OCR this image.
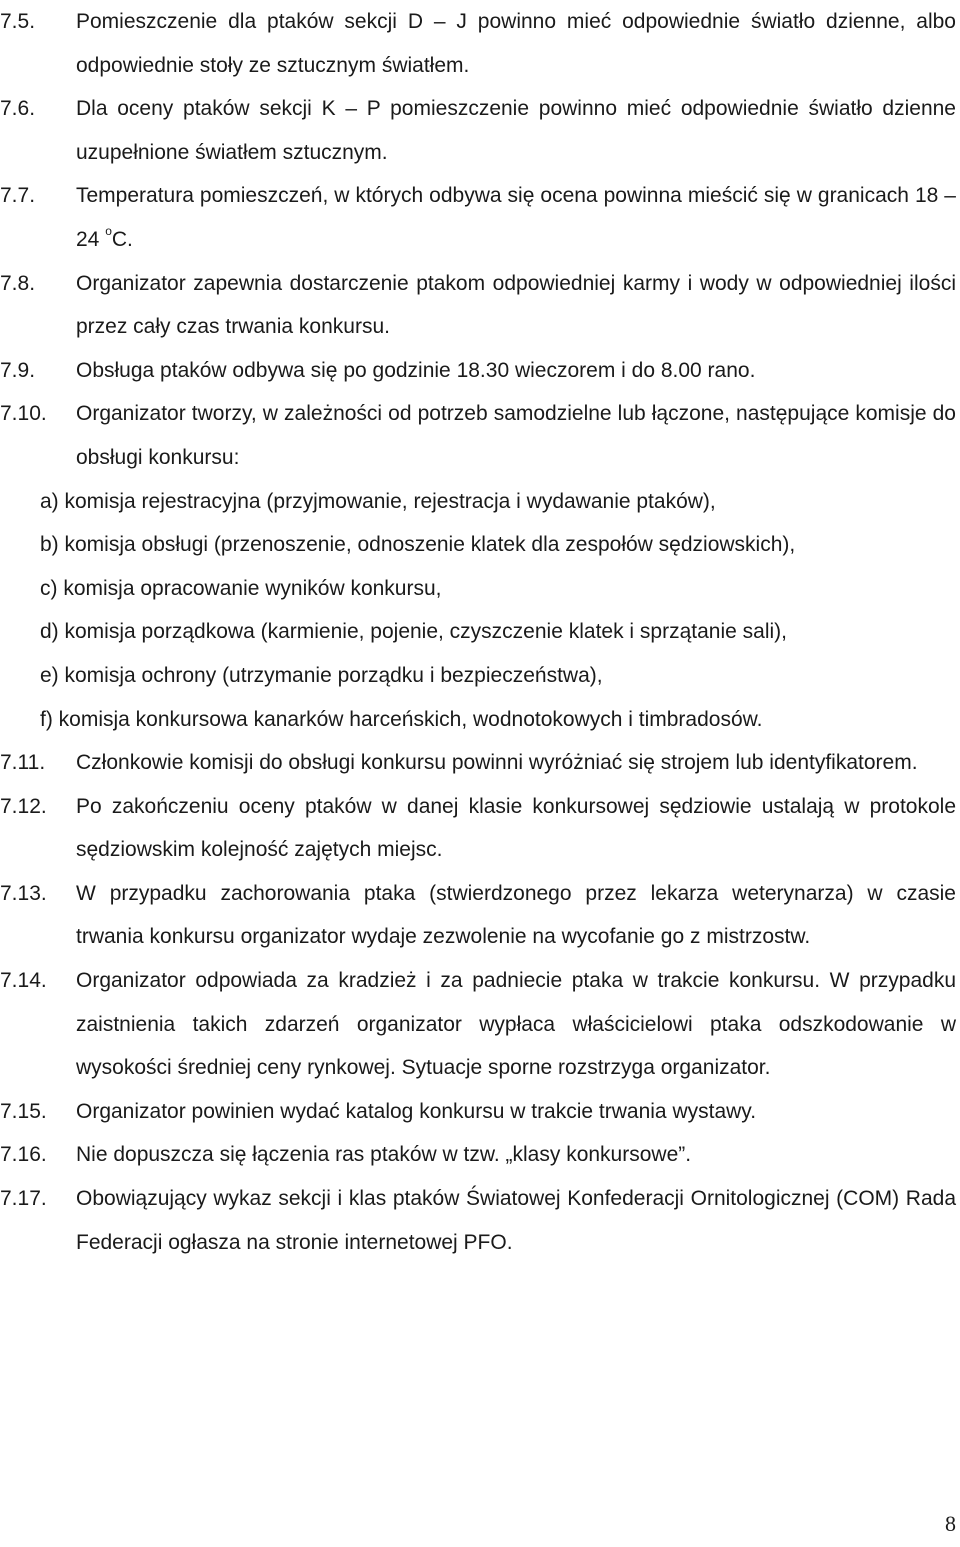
7.5.	Pomieszczenie dla ptaków sekcji D – J powinno mieć odpowiednie światło dzienne, albo odpowiednie stoły ze sztucznym światłem.
7.6.	Dla oceny ptaków sekcji K – P pomieszczenie powinno mieć odpowiednie światło dzienne uzupełnione światłem sztucznym.
7.7.	Temperatura pomieszczeń, w których odbywa się ocena powinna mieścić się w granicach 18 – 24 $^o$C.
7.8.	Organizator zapewnia dostarczenie ptakom odpowiedniej karmy i wody w odpowiedniej ilości przez cały czas trwania konkursu.
7.9.	Obsługa ptaków odbywa się po godzinie 18.30 wieczorem i do 8.00 rano.
7.10.	Organizator tworzy, w zależności od potrzeb samodzielne lub łączone, następujące komisje do obsługi konkursu:
a) komisja rejestracyjna (przyjmowanie, rejestracja i wydawanie ptaków),
b) komisja obsługi (przenoszenie, odnoszenie klatek dla zespołów sędziowskich),
c) komisja opracowanie wyników konkursu,
d) komisja porządkowa (karmienie, pojenie, czyszczenie klatek i sprzątanie sali),
e) komisja ochrony (utrzymanie porządku i bezpieczeństwa),
f) komisja konkursowa kanarków harceńskich, wodnotokowych i timbradosów.
7.11.	Członkowie komisji do obsługi konkursu powinni wyróżniać się strojem lub identyfikatorem.
7.12.	Po zakończeniu oceny ptaków w danej klasie konkursowej sędziowie ustalają w protokole sędziowskim kolejność zajętych miejsc.
7.13.	W przypadku zachorowania ptaka (stwierdzonego przez lekarza weterynarza) w czasie trwania konkursu organizator wydaje zezwolenie na wycofanie go z mistrzostw.
7.14.	Organizator odpowiada za kradzież i za padniecie ptaka w trakcie konkursu. W przypadku zaistnienia takich zdarzeń organizator wypłaca właścicielowi ptaka odszkodowanie w wysokości średniej ceny rynkowej. Sytuacje sporne rozstrzyga organizator.
7.15.	Organizator powinien wydać katalog konkursu w trakcie trwania wystawy.
7.16.	Nie dopuszcza się łączenia ras ptaków w tzw. „klasy konkursowe”.
7.17.	Obowiązujący wykaz sekcji i klas ptaków Światowej Konfederacji Ornitologicznej (COM) Rada Federacji ogłasza na stronie internetowej PFO.
8
